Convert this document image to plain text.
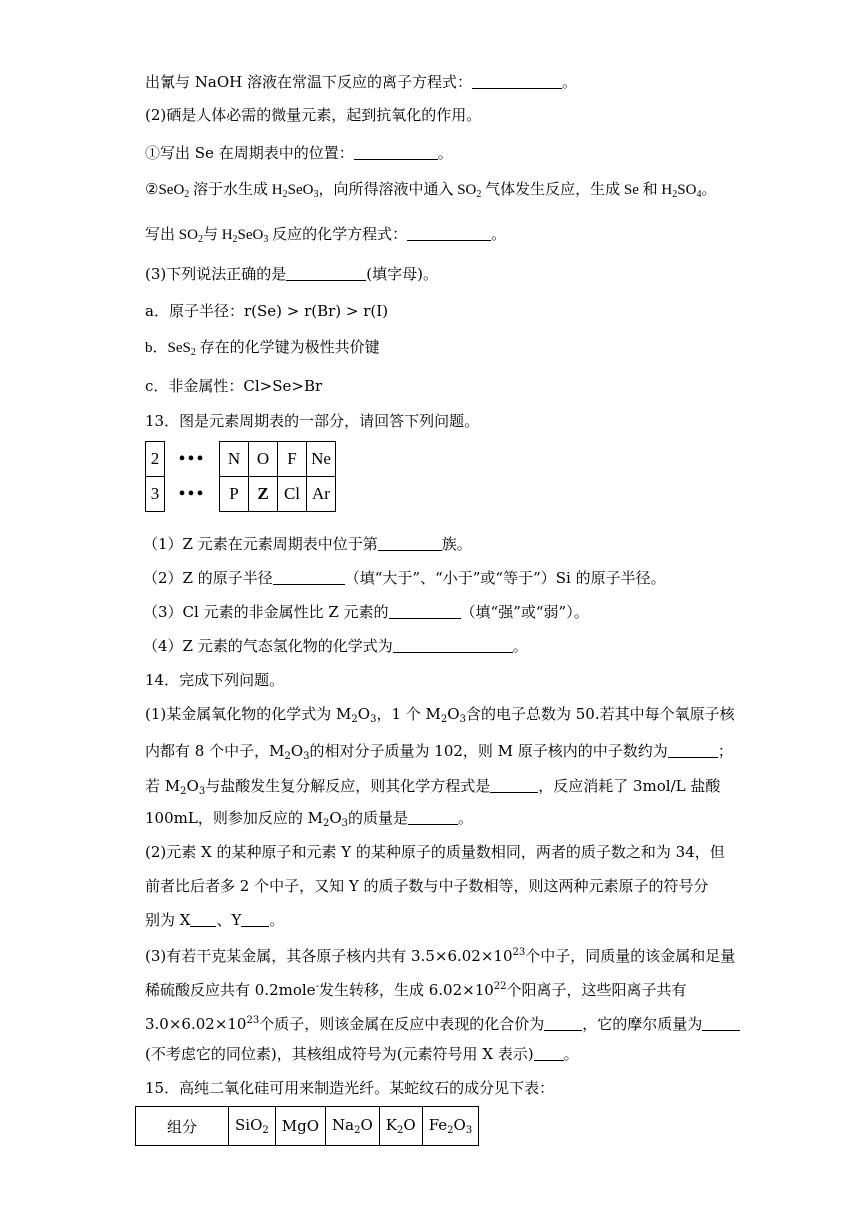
出氰与 NaOH 溶液在常温下反应的离子方程式：	。
(2)硒是人体必需的微量元素，起到抗氧化的作用。
①写出 Se 在周期表中的位置：	。
②SeO$_2$ 溶于水生成 $H_2SeO_3$，向所得溶液中通入 $SO_2$ 气体发生反应，生成 Se 和 $H_2SO_4$。
写出 $SO_2$与 $H_2SeO_3$ 反应的化学方程式：	。
(3)下列说法正确的是	(填字母)。
a．原子半径：r(Se) > r(Br) > r(I)
b．SeS$_2$ 存在的化学键为极性共价键
c．非金属性：Cl>Se>Br
13．图是元素周期表的一部分，请回答下列问题。
2	•••	N	O	F	Ne
3	•••	P	Z	Cl	Ar
（1）Z 元素在元素周期表中位于第	族。
（2）Z 的原子半径	（填“大于”、“小于”或“等于”）Si 的原子半径。
（3）Cl 元素的非金属性比 Z 元素的	（填“强”或“弱”）。
（4）Z 元素的气态氢化物的化学式为	。
14．完成下列问题。
(1)某金属氧化物的化学式为 $M_2O_3$，1 个 $M_2O_3$含的电子总数为 50.若其中每个氧原子核
内都有 8 个中子，$M_2O_3$的相对分子质量为 102，则 M 原子核内的中子数约为	；
若 $M_2O_3$与盐酸发生复分解反应，则其化学方程式是	，反应消耗了 3mol/L 盐酸
100mL，则参加反应的 $M_2O_3$的质量是	。
(2)元素 X 的某种原子和元素 Y 的某种原子的质量数相同，两者的质子数之和为 34，但
前者比后者多 2 个中子，又知 Y 的质子数与中子数相等，则这两种元素原子的符号分
别为 X 、Y 。
(3)有若干克某金属，其各原子核内共有 $3.5\times 6.02\times 10^{23}$个中子，同质量的该金属和足量
稀硫酸反应共有 0.2mole-发生转移，生成 $6.02\times 10^{22}$个阳离子，这些阳离子共有
$3.0\times 6.02\times 10^{23}$个质子，则该金属在反应中表现的化合价为	，它的摩尔质量为
(不考虑它的同位素)，其核组成符号为(元素符号用 X 表示) 。
15．高纯二氧化硅可用来制造光纤。某蛇纹石的成分见下表：
组分	SiO$_2$	MgO	$Na_2O$	$K_2O$	$Fe_2O_3$
